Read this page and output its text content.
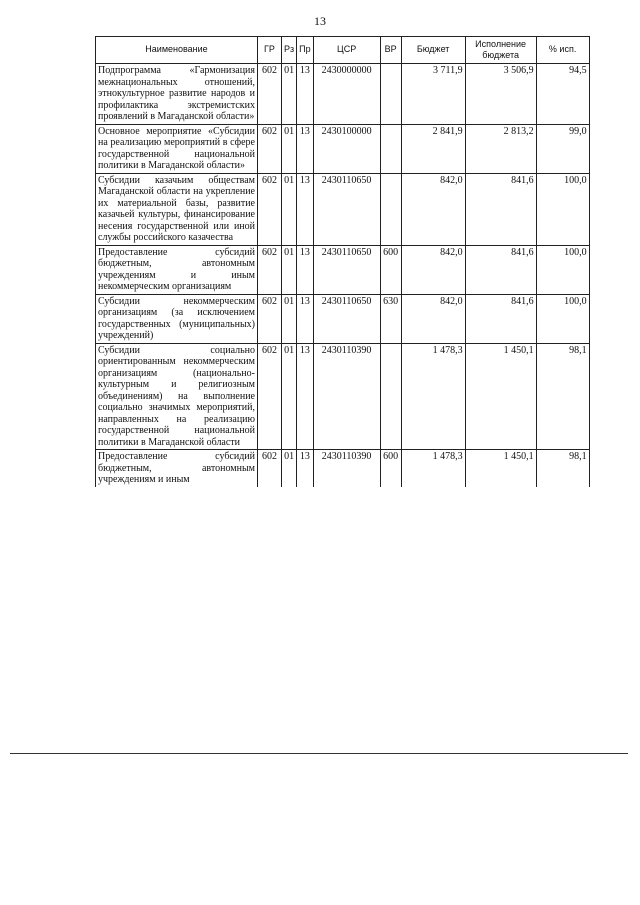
13
Наименование	ГР	Рз	Пр	ЦСР	ВР	Бюджет	Исполнение бюджета	% исп.
Подпрограмма «Гармонизация межнациональных отношений, этнокультурное развитие народов и профилактика экстремистских проявлений в Магаданской области»	602	01	13	2430000000		3 711,9	3 506,9	94,5
Основное мероприятие «Субсидии на реализацию мероприятий в сфере государственной национальной политики в Магаданской области»	602	01	13	2430100000		2 841,9	2 813,2	99,0
Субсидии казачьим обществам Магаданской области на укрепление их материальной базы, развитие казачьей культуры, финансирование несения государственной или иной службы российского казачества	602	01	13	2430110650		842,0	841,6	100,0
Предоставление субсидий бюджетным, автономным учреждениям и иным некоммерческим организациям	602	01	13	2430110650	600	842,0	841,6	100,0
Субсидии некоммерческим организациям (за исключением государственных (муниципальных) учреждений)	602	01	13	2430110650	630	842,0	841,6	100,0
Субсидии социально ориентированным некоммерческим организациям (национально-культурным и религиозным объединениям) на выполнение социально значимых мероприятий, направленных на реализацию государственной национальной политики в Магаданской области	602	01	13	2430110390		1 478,3	1 450,1	98,1
Предоставление субсидий бюджетным, автономным учреждениям и иным	602	01	13	2430110390	600	1 478,3	1 450,1	98,1
